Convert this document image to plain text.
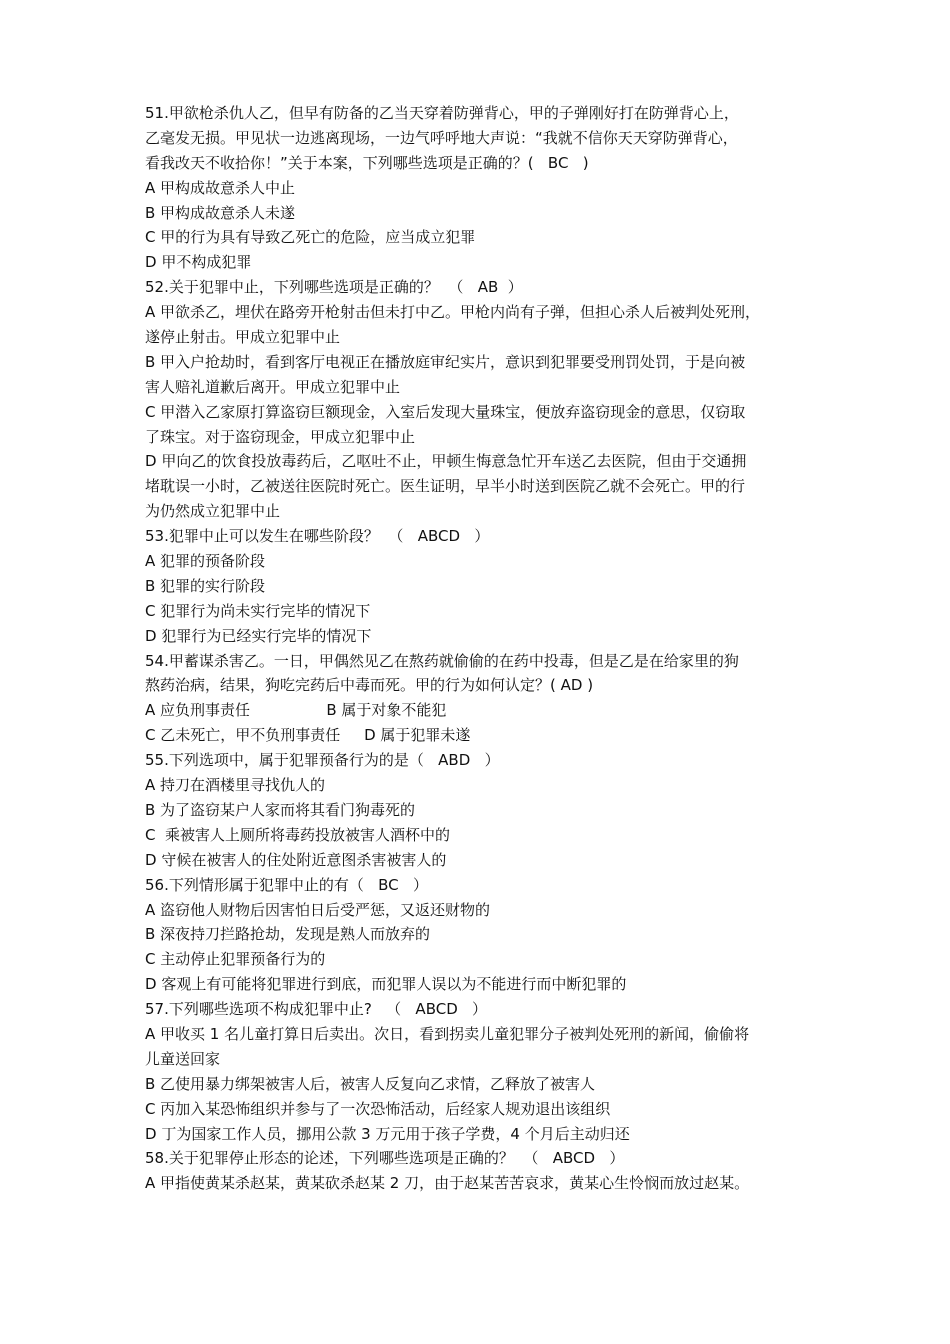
51.甲欲枪杀仇人乙，但早有防备的乙当天穿着防弹背心，甲的子弹刚好打在防弹背心上，
乙毫发无损。甲见状一边逃离现场，一边气呼呼地大声说：“我就不信你天天穿防弹背心，
看我改天不收拾你！”关于本案，下列哪些选项是正确的？(   BC   )
A 甲构成故意杀人中止
B 甲构成故意杀人未遂
C 甲的行为具有导致乙死亡的危险，应当成立犯罪
D 甲不构成犯罪
52.关于犯罪中止，下列哪些选项是正确的？  （   AB  ）
A 甲欲杀乙，埋伏在路旁开枪射击但未打中乙。甲枪内尚有子弹，但担心杀人后被判处死刑，
遂停止射击。甲成立犯罪中止
B 甲入户抢劫时，看到客厅电视正在播放庭审纪实片，意识到犯罪要受刑罚处罚，于是向被
害人赔礼道歉后离开。甲成立犯罪中止
C 甲潜入乙家原打算盗窃巨额现金，入室后发现大量珠宝，便放弃盗窃现金的意思，仅窃取
了珠宝。对于盗窃现金，甲成立犯罪中止
D 甲向乙的饮食投放毒药后，乙呕吐不止，甲顿生悔意急忙开车送乙去医院，但由于交通拥
堵耽误一小时，乙被送往医院时死亡。医生证明，早半小时送到医院乙就不会死亡。甲的行
为仍然成立犯罪中止
53.犯罪中止可以发生在哪些阶段？  （   ABCD   ）
A 犯罪的预备阶段
B 犯罪的实行阶段
C 犯罪行为尚未实行完毕的情况下
D 犯罪行为已经实行完毕的情况下
54.甲蓄谋杀害乙。一日，甲偶然见乙在熬药就偷偷的在药中投毒，但是乙是在给家里的狗
熬药治病，结果，狗吃完药后中毒而死。甲的行为如何认定？( AD )
A 应负刑事责任                B 属于对象不能犯
C 乙未死亡，甲不负刑事责任     D 属于犯罪未遂
55.下列选项中，属于犯罪预备行为的是（   ABD   ）
A 持刀在酒楼里寻找仇人的
B 为了盗窃某户人家而将其看门狗毒死的
C  乘被害人上厕所将毒药投放被害人酒杯中的
D 守候在被害人的住处附近意图杀害被害人的
56.下列情形属于犯罪中止的有（   BC   ）
A 盗窃他人财物后因害怕日后受严惩，又返还财物的
B 深夜持刀拦路抢劫，发现是熟人而放弃的
C 主动停止犯罪预备行为的
D 客观上有可能将犯罪进行到底，而犯罪人误以为不能进行而中断犯罪的
57.下列哪些选项不构成犯罪中止?   （   ABCD   ）
A 甲收买 1 名儿童打算日后卖出。次日，看到拐卖儿童犯罪分子被判处死刑的新闻，偷偷将
儿童送回家
B 乙使用暴力绑架被害人后，被害人反复向乙求情，乙释放了被害人
C 丙加入某恐怖组织并参与了一次恐怖活动，后经家人规劝退出该组织
D 丁为国家工作人员，挪用公款 3 万元用于孩子学费，4 个月后主动归还
58.关于犯罪停止形态的论述，下列哪些选项是正确的？  （   ABCD   ）
A 甲指使黄某杀赵某，黄某砍杀赵某 2 刀，由于赵某苦苦哀求，黄某心生怜悯而放过赵某。
